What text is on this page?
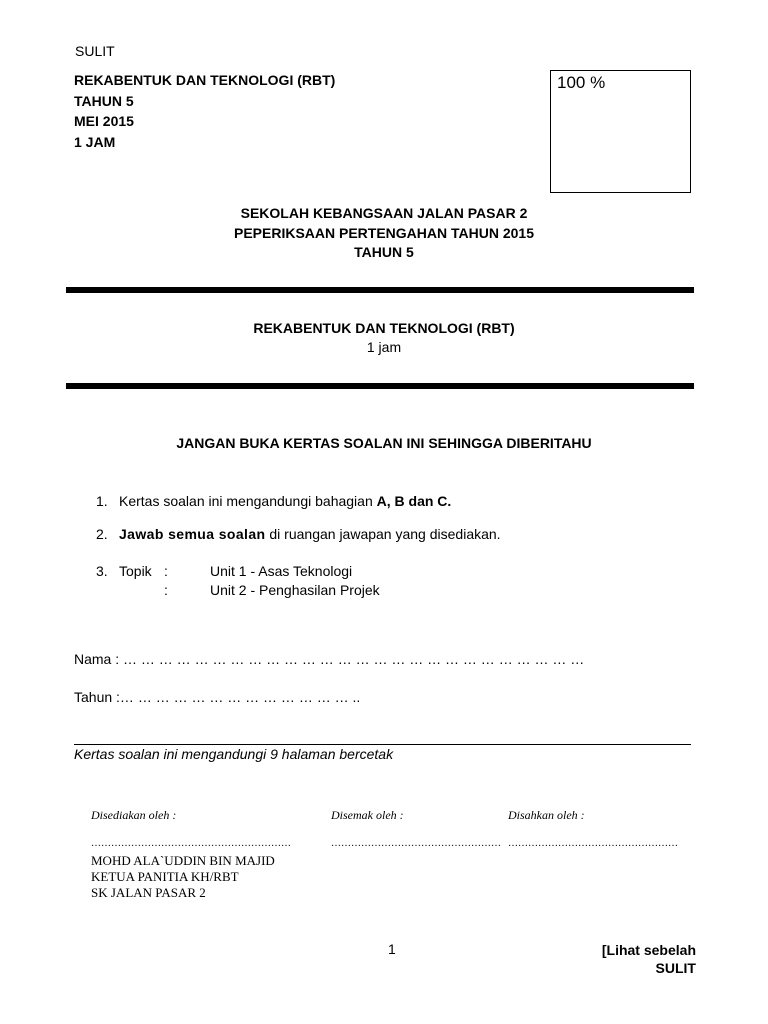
SULIT
REKABENTUK DAN TEKNOLOGI (RBT)
TAHUN 5
MEI 2015
1 JAM
100 %
SEKOLAH KEBANGSAAN JALAN PASAR 2
PEPERIKSAAN PERTENGAHAN TAHUN 2015
TAHUN 5
REKABENTUK DAN TEKNOLOGI (RBT)
1 jam
JANGAN BUKA KERTAS SOALAN INI SEHINGGA DIBERITAHU
1. Kertas soalan ini mengandungi bahagian A, B dan C.
2. Jawab semua soalan di ruangan jawapan yang disediakan.
3. Topik :	Unit 1 - Asas Teknologi
:	Unit 2 - Penghasilan Projek
Nama : … … … … … … … … … … … … … … … … … … … … … … … … … …
Tahun :… … … … … … … … … … … … … ..
Kertas soalan ini mengandungi 9 halaman bercetak
Disediakan oleh :	Disemak oleh :	Disahkan oleh :
……………………………………………………	…………………………………………… ……………………………………………
MOHD ALA`UDDIN BIN MAJID
KETUA PANITIA KH/RBT
SK JALAN PASAR 2
1	[Lihat sebelah
SULIT
